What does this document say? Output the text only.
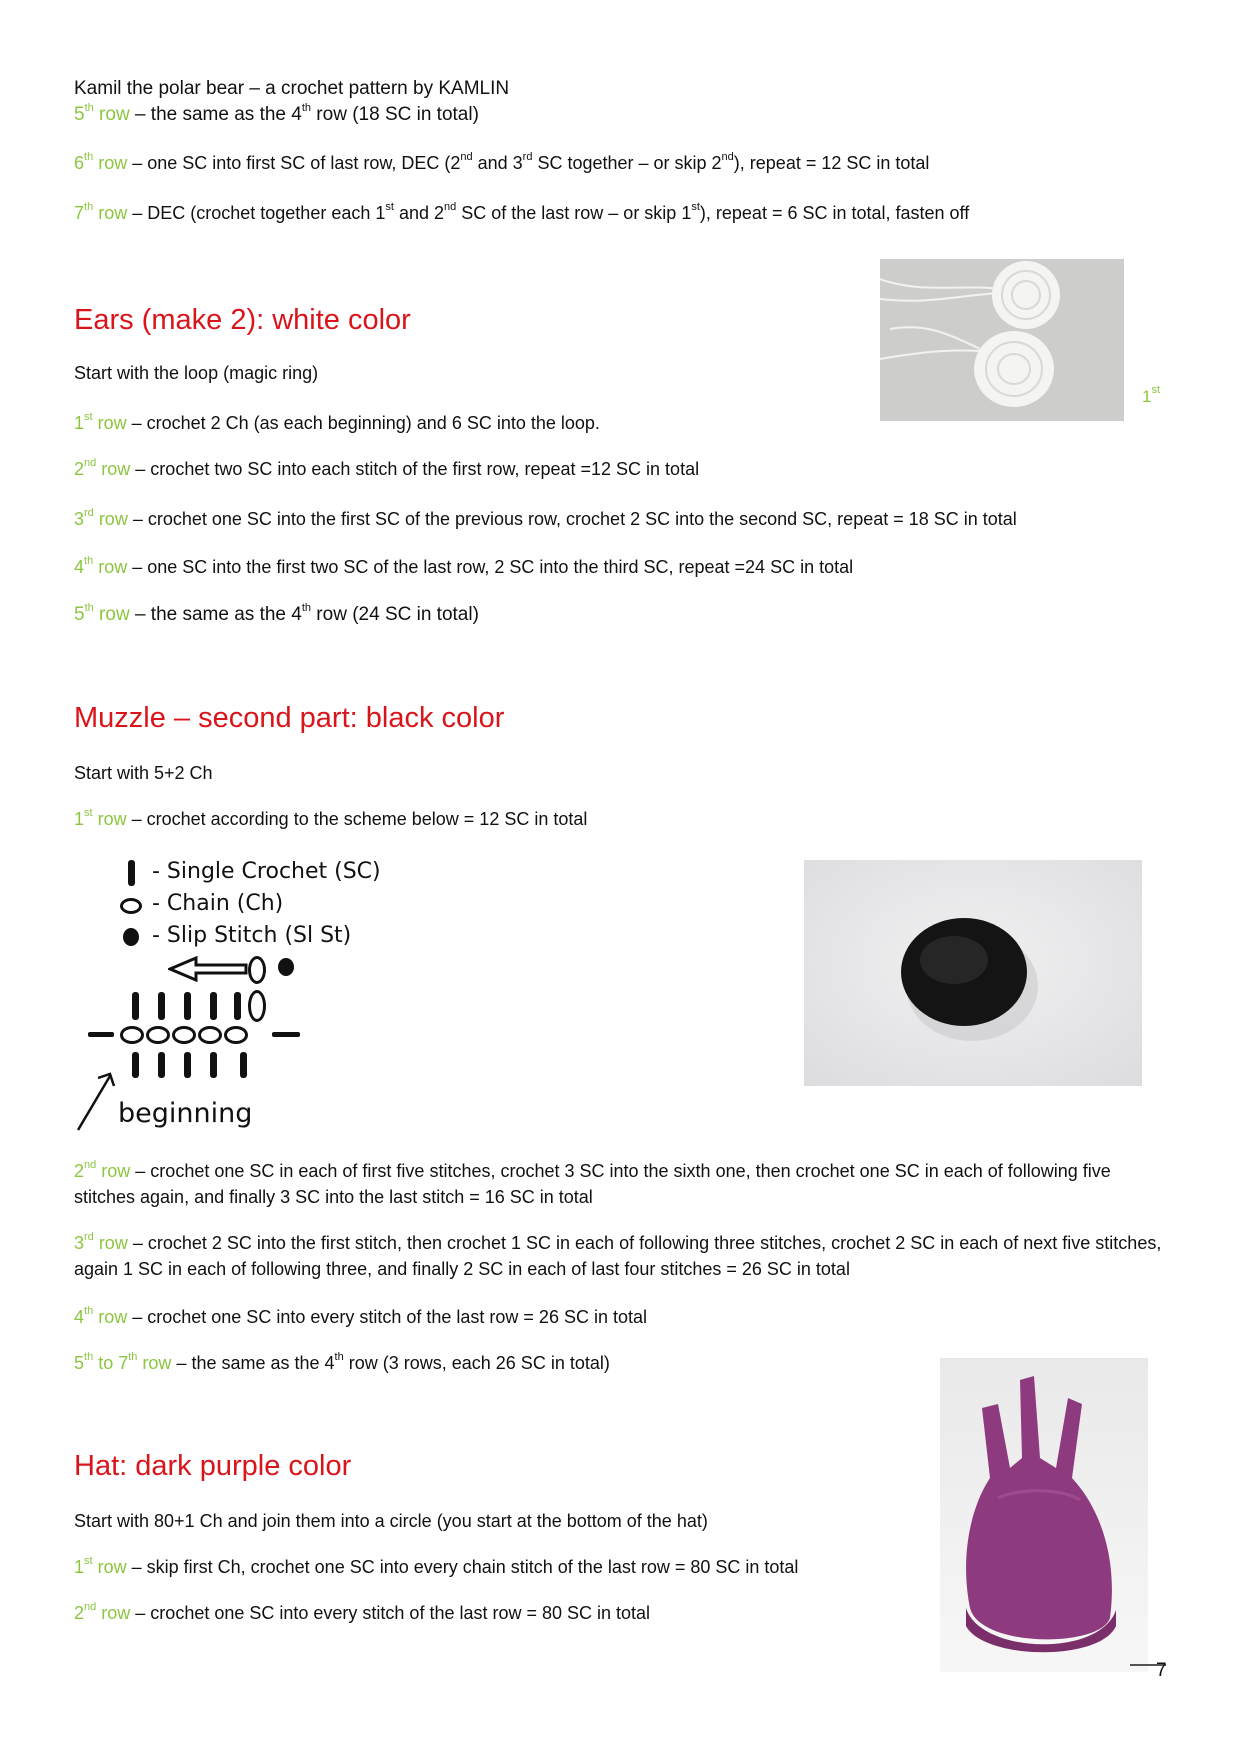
Kamil the polar bear – a crochet pattern by KAMLIN
5th row – the same as the 4th row (18 SC in total)
6th row – one SC into first SC of last row, DEC (2nd and 3rd SC together – or skip 2nd), repeat = 12 SC in total
7th row – DEC (crochet together each 1st and 2nd SC of the last row – or skip 1st), repeat = 6 SC in total, fasten off
Ears (make 2): white color
Start with the loop (magic ring)
1st
1st row – crochet 2 Ch (as each beginning) and 6 SC into the loop.
2nd row – crochet two SC into each stitch of the first row, repeat =12 SC in total
3rd row – crochet one SC into the first SC of the previous row, crochet 2 SC into the second SC, repeat = 18 SC in total
4th row – one SC into the first two SC of the last row, 2 SC into the third SC, repeat =24 SC in total
5th row – the same as the 4th row (24 SC in total)
Muzzle – second part: black color
Start with 5+2 Ch
1st row – crochet according to the scheme below = 12 SC in total
- Single Crochet (SC)
- Chain (Ch)
- Slip Stitch (Sl St)
beginning
2nd row – crochet one SC in each of first five stitches, crochet 3 SC into the sixth one, then crochet one SC in each of following five stitches again, and finally 3 SC into the last stitch = 16 SC in total
3rd row – crochet 2 SC into the first stitch, then crochet 1 SC in each of following three stitches, crochet 2 SC in each of next five stitches, again 1 SC in each of following three, and finally 2 SC in each of last four stitches = 26 SC in total
4th row – crochet one SC into every stitch of the last row = 26 SC in total
5th to 7th row – the same as the 4th row (3 rows, each 26 SC in total)
Hat: dark purple color
Start with 80+1 Ch and join them into a circle (you start at the bottom of the hat)
1st row – skip first Ch, crochet one SC into every chain stitch of the last row = 80 SC in total
2nd row – crochet one SC into every stitch of the last row = 80 SC in total
7
